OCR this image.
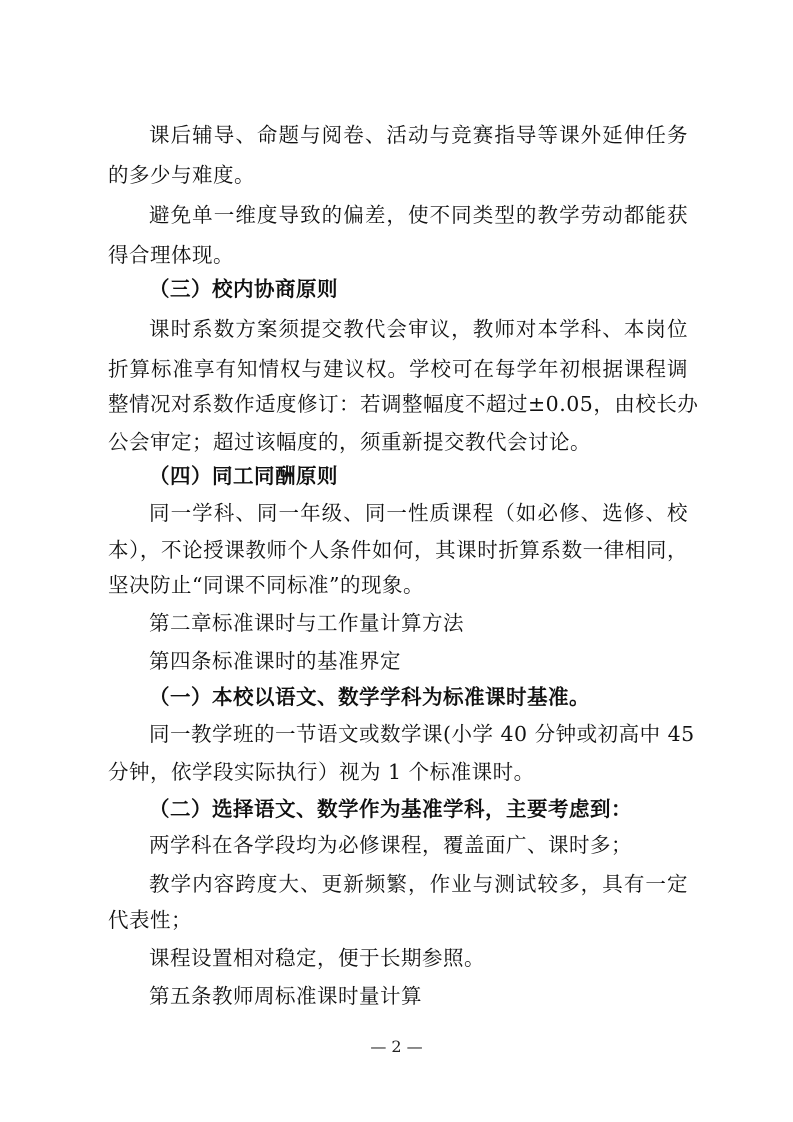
课后辅导、命题与阅卷、活动与竞赛指导等课外延伸任务
的多少与难度。
避免单一维度导致的偏差，使不同类型的教学劳动都能获
得合理体现。
（三）校内协商原则
课时系数方案须提交教代会审议，教师对本学科、本岗位
折算标准享有知情权与建议权。学校可在每学年初根据课程调
整情况对系数作适度修订：若调整幅度不超过±0.05，由校长办
公会审定；超过该幅度的，须重新提交教代会讨论。
（四）同工同酬原则
同一学科、同一年级、同一性质课程（如必修、选修、校
本），不论授课教师个人条件如何，其课时折算系数一律相同，
坚决防止“同课不同标准”的现象。
第二章标准课时与工作量计算方法
第四条标准课时的基准界定
（一）本校以语文、数学学科为标准课时基准。
同一教学班的一节语文或数学课(小学 40 分钟或初高中 45
分钟，依学段实际执行）视为 1 个标准课时。
（二）选择语文、数学作为基准学科，主要考虑到：
两学科在各学段均为必修课程，覆盖面广、课时多；
教学内容跨度大、更新频繁，作业与测试较多，具有一定
代表性；
课程设置相对稳定，便于长期参照。
第五条教师周标准课时量计算
— 2 —
